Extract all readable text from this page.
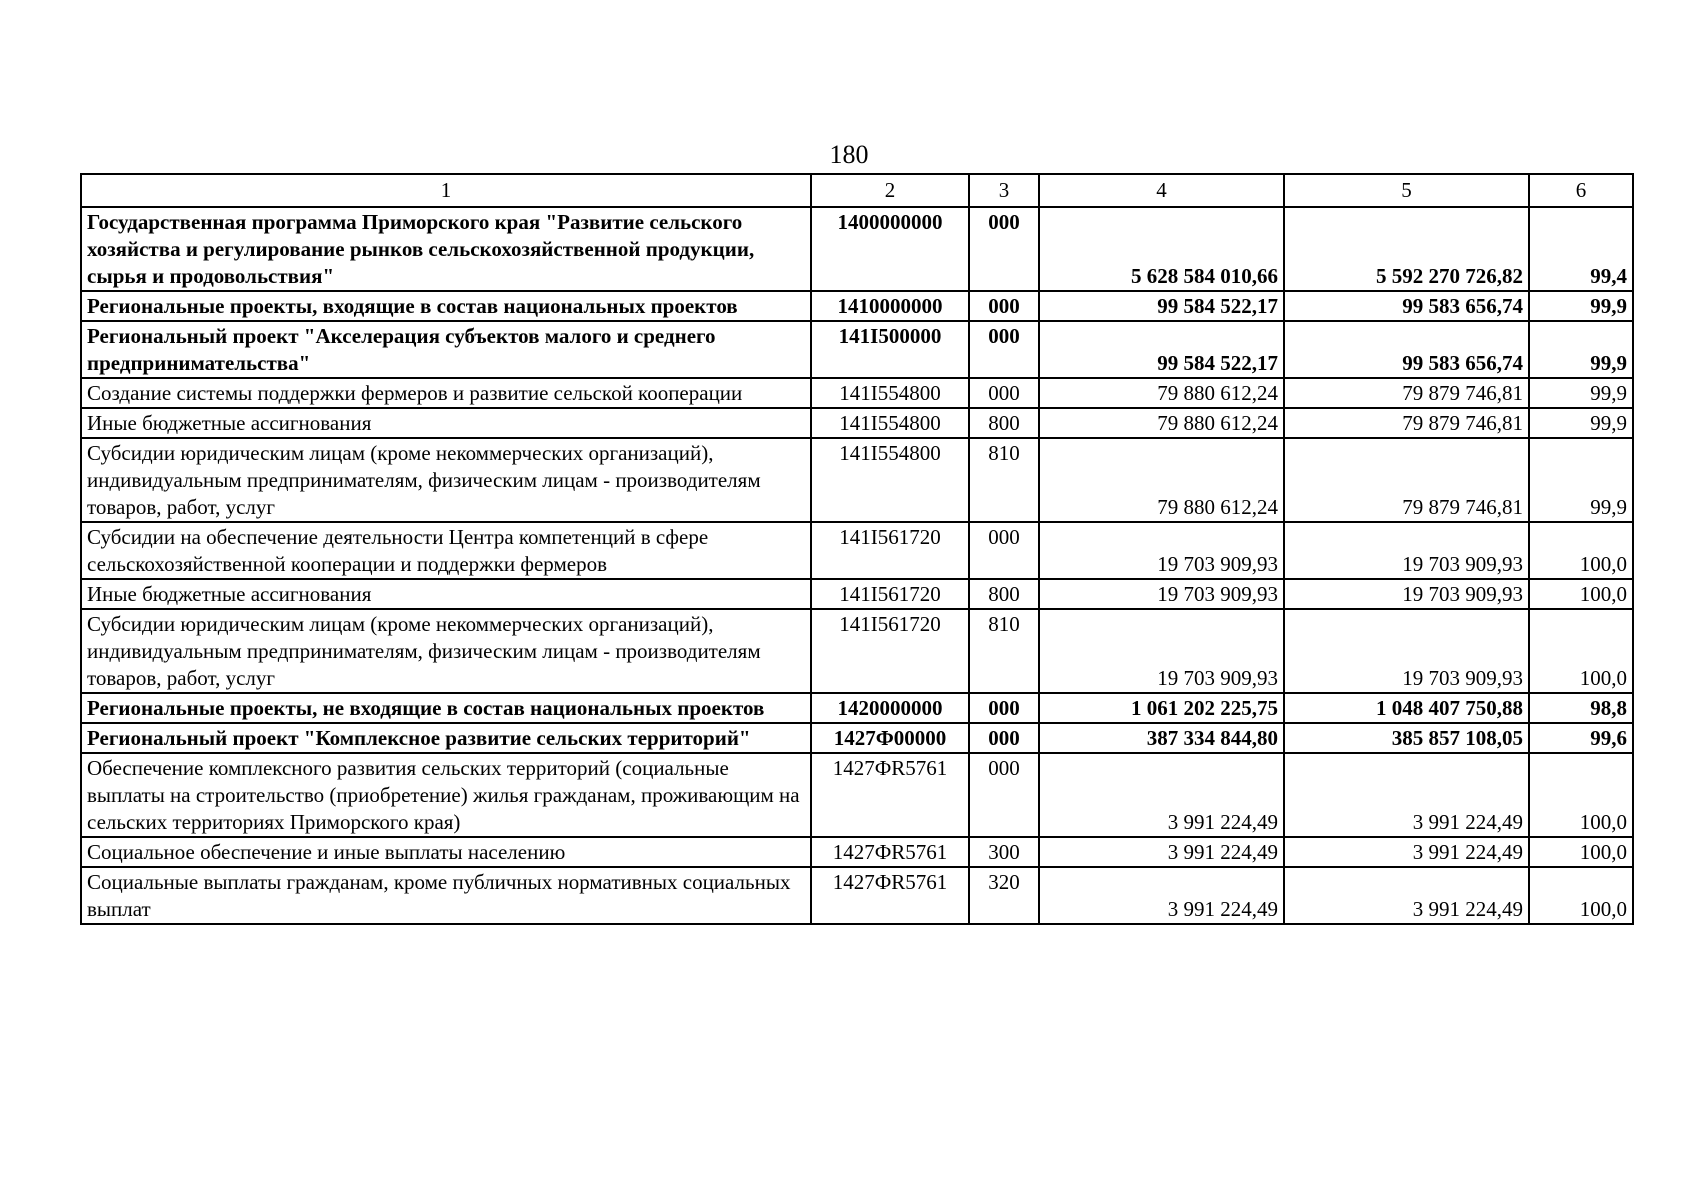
180
1	2	3	4	5	6
Государственная программа Приморского края "Развитие сельского хозяйства и регулирование рынков сельскохозяйственной продукции, сырья и продовольствия"	1400000000	000	5 628 584 010,66	5 592 270 726,82	99,4
Региональные проекты, входящие в состав национальных проектов	1410000000	000	99 584 522,17	99 583 656,74	99,9
Региональный проект "Акселерация субъектов малого и среднего предпринимательства"	141I500000	000	99 584 522,17	99 583 656,74	99,9
Создание системы поддержки фермеров и развитие сельской кооперации	141I554800	000	79 880 612,24	79 879 746,81	99,9
Иные бюджетные ассигнования	141I554800	800	79 880 612,24	79 879 746,81	99,9
Субсидии юридическим лицам (кроме некоммерческих организаций), индивидуальным предпринимателям, физическим лицам - производителям товаров, работ, услуг	141I554800	810	79 880 612,24	79 879 746,81	99,9
Субсидии на обеспечение деятельности Центра компетенций в сфере сельскохозяйственной кооперации и поддержки фермеров	141I561720	000	19 703 909,93	19 703 909,93	100,0
Иные бюджетные ассигнования	141I561720	800	19 703 909,93	19 703 909,93	100,0
Субсидии юридическим лицам (кроме некоммерческих организаций), индивидуальным предпринимателям, физическим лицам - производителям товаров, работ, услуг	141I561720	810	19 703 909,93	19 703 909,93	100,0
Региональные проекты, не входящие в состав национальных проектов	1420000000	000	1 061 202 225,75	1 048 407 750,88	98,8
Региональный проект "Комплексное развитие сельских территорий"	1427Ф00000	000	387 334 844,80	385 857 108,05	99,6
Обеспечение комплексного развития сельских территорий (социальные выплаты на строительство (приобретение) жилья гражданам, проживающим на сельских территориях Приморского края)	1427ФR5761	000	3 991 224,49	3 991 224,49	100,0
Социальное обеспечение и иные выплаты населению	1427ФR5761	300	3 991 224,49	3 991 224,49	100,0
Социальные выплаты гражданам, кроме публичных нормативных социальных выплат	1427ФR5761	320	3 991 224,49	3 991 224,49	100,0
